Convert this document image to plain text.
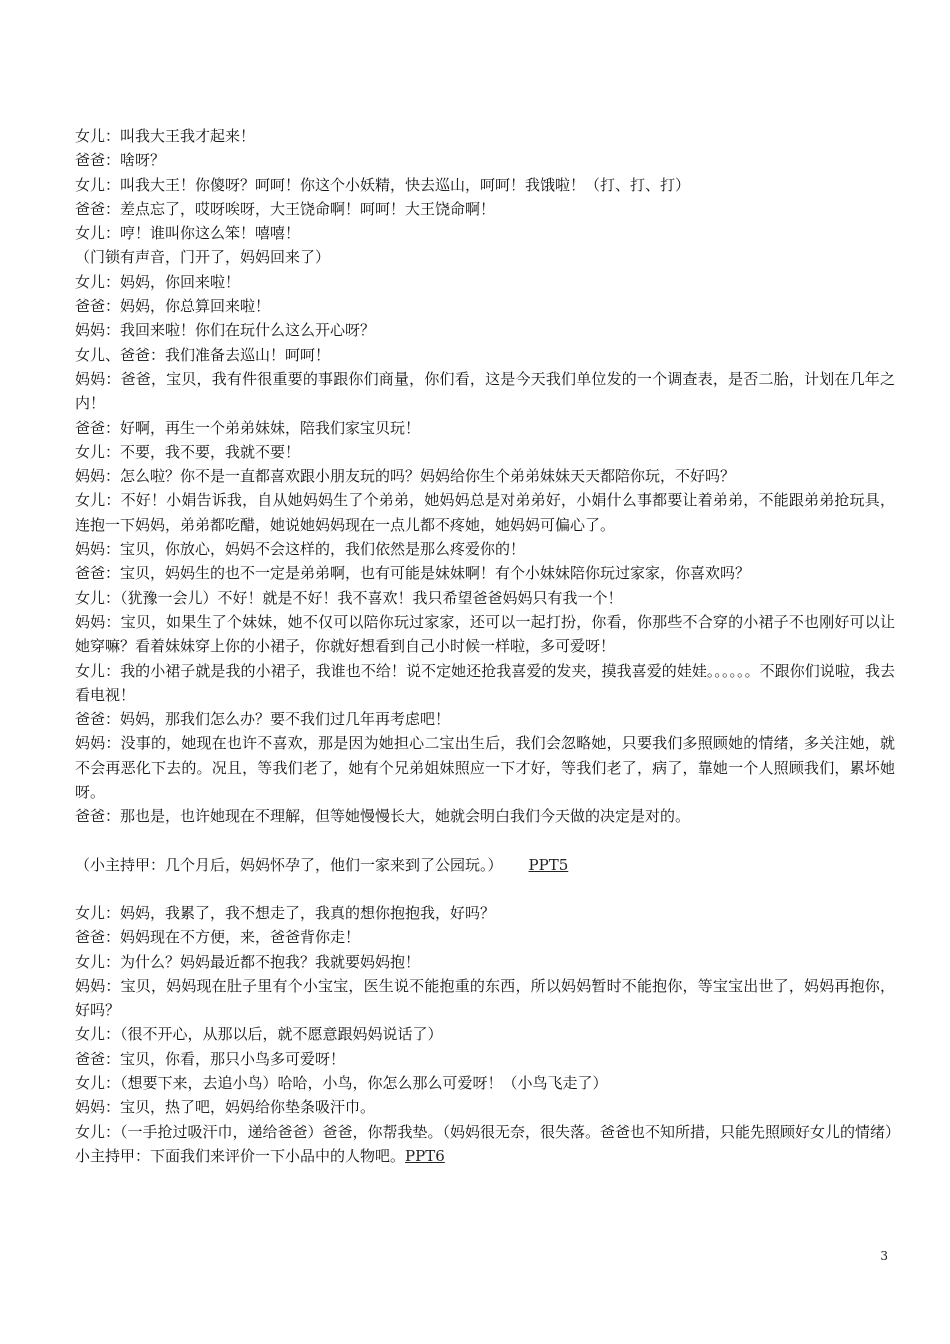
女儿：叫我大王我才起来！
爸爸：啥呀？
女儿：叫我大王！你傻呀？呵呵！你这个小妖精，快去巡山，呵呵！我饿啦！（打、打、打）
爸爸：差点忘了，哎呀唉呀，大王饶命啊！呵呵！大王饶命啊！
女儿：哼！谁叫你这么笨！嘻嘻！
（门锁有声音，门开了，妈妈回来了）
女儿：妈妈，你回来啦！
爸爸：妈妈，你总算回来啦！
妈妈：我回来啦！你们在玩什么这么开心呀？
女儿、爸爸：我们准备去巡山！呵呵！
妈妈：爸爸，宝贝，我有件很重要的事跟你们商量，你们看，这是今天我们单位发的一个调查表，是否二胎，计划在几年之内！
爸爸：好啊，再生一个弟弟妹妹，陪我们家宝贝玩！
女儿：不要，我不要，我就不要！
妈妈：怎么啦？你不是一直都喜欢跟小朋友玩的吗？妈妈给你生个弟弟妹妹天天都陪你玩，不好吗？
女儿：不好！小娟告诉我，自从她妈妈生了个弟弟，她妈妈总是对弟弟好，小娟什么事都要让着弟弟，不能跟弟弟抢玩具，连抱一下妈妈，弟弟都吃醋，她说她妈妈现在一点儿都不疼她，她妈妈可偏心了。
妈妈：宝贝，你放心，妈妈不会这样的，我们依然是那么疼爱你的！
爸爸：宝贝，妈妈生的也不一定是弟弟啊，也有可能是妹妹啊！有个小妹妹陪你玩过家家，你喜欢吗？
女儿：（犹豫一会儿）不好！就是不好！我不喜欢！我只希望爸爸妈妈只有我一个！
妈妈：宝贝，如果生了个妹妹，她不仅可以陪你玩过家家，还可以一起打扮，你看，你那些不合穿的小裙子不也刚好可以让她穿嘛？看着妹妹穿上你的小裙子，你就好想看到自己小时候一样啦，多可爱呀！
女儿：我的小裙子就是我的小裙子，我谁也不给！说不定她还抢我喜爱的发夹，摸我喜爱的娃娃。。。。。。不跟你们说啦，我去看电视！
爸爸：妈妈，那我们怎么办？要不我们过几年再考虑吧！
妈妈：没事的，她现在也许不喜欢，那是因为她担心二宝出生后，我们会忽略她，只要我们多照顾她的情绪，多关注她，就不会再恶化下去的。况且，等我们老了，她有个兄弟姐妹照应一下才好，等我们老了，病了，靠她一个人照顾我们，累坏她呀。
爸爸：那也是，也许她现在不理解，但等她慢慢长大，她就会明白我们今天做的决定是对的。
（小主持甲：几个月后，妈妈怀孕了，他们一家来到了公园玩。） PPT5
女儿：妈妈，我累了，我不想走了，我真的想你抱抱我，好吗？
爸爸：妈妈现在不方便，来，爸爸背你走！
女儿：为什么？妈妈最近都不抱我？我就要妈妈抱！
妈妈：宝贝，妈妈现在肚子里有个小宝宝，医生说不能抱重的东西，所以妈妈暂时不能抱你，等宝宝出世了，妈妈再抱你，好吗？
女儿：（很不开心，从那以后，就不愿意跟妈妈说话了）
爸爸：宝贝，你看，那只小鸟多可爱呀！
女儿：（想要下来，去追小鸟）哈哈，小鸟，你怎么那么可爱呀！（小鸟飞走了）
妈妈：宝贝，热了吧，妈妈给你垫条吸汗巾。
女儿：（一手抢过吸汗巾，递给爸爸）爸爸，你帮我垫。（妈妈很无奈，很失落。爸爸也不知所措，只能先照顾好女儿的情绪）
小主持甲：下面我们来评价一下小品中的人物吧。PPT6
3
